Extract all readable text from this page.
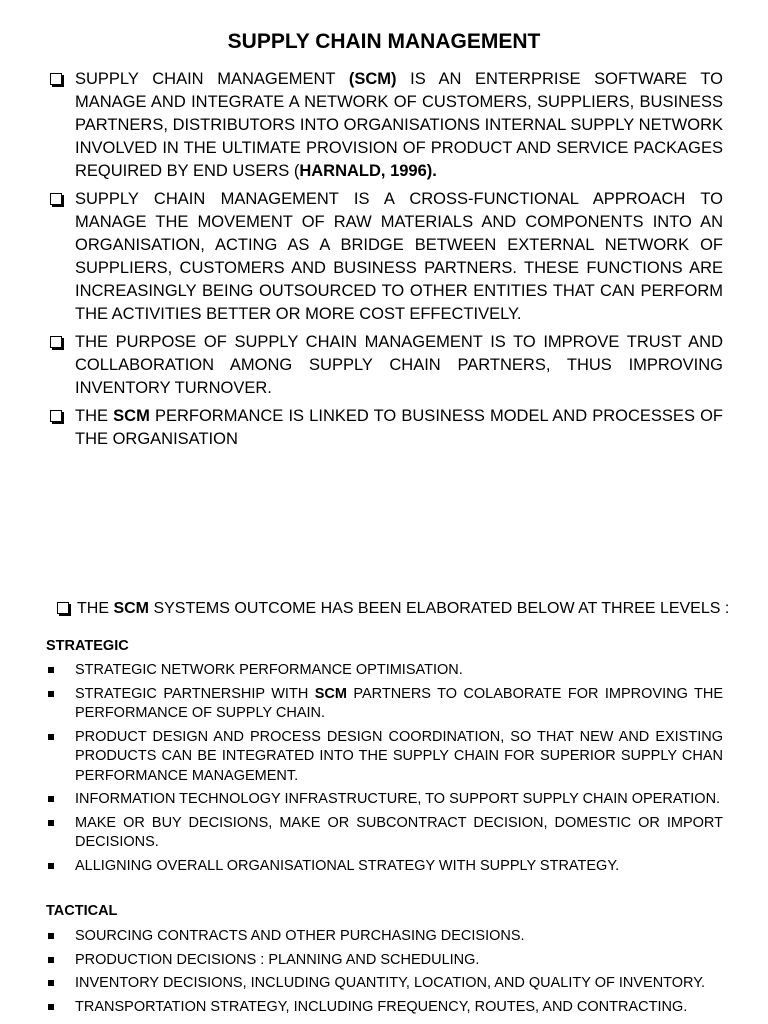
SUPPLY CHAIN MANAGEMENT

SUPPLY CHAIN MANAGEMENT (SCM) IS AN ENTERPRISE SOFTWARE TO MANAGE AND INTEGRATE A NETWORK OF CUSTOMERS, SUPPLIERS, BUSINESS PARTNERS, DISTRIBUTORS INTO ORGANISATIONS INTERNAL SUPPLY NETWORK INVOLVED IN THE ULTIMATE PROVISION OF PRODUCT AND SERVICE PACKAGES REQUIRED BY END USERS (HARNALD, 1996).

SUPPLY CHAIN MANAGEMENT IS A CROSS-FUNCTIONAL APPROACH TO MANAGE THE MOVEMENT OF RAW MATERIALS AND COMPONENTS INTO AN ORGANISATION, ACTING AS A BRIDGE BETWEEN EXTERNAL NETWORK OF SUPPLIERS, CUSTOMERS AND BUSINESS PARTNERS. THESE FUNCTIONS ARE INCREASINGLY BEING OUTSOURCED TO OTHER ENTITIES THAT CAN PERFORM THE ACTIVITIES BETTER OR MORE COST EFFECTIVELY.

THE PURPOSE OF SUPPLY CHAIN MANAGEMENT IS TO IMPROVE TRUST AND COLLABORATION AMONG SUPPLY CHAIN PARTNERS, THUS IMPROVING INVENTORY TURNOVER.

THE SCM PERFORMANCE IS LINKED TO BUSINESS MODEL AND PROCESSES OF THE ORGANISATION

THE SCM SYSTEMS OUTCOME HAS BEEN ELABORATED BELOW AT THREE LEVELS :
STRATEGIC

STRATEGIC NETWORK PERFORMANCE OPTIMISATION.

STRATEGIC PARTNERSHIP WITH SCM PARTNERS TO COLABORATE FOR IMPROVING THE PERFORMANCE OF SUPPLY CHAIN.

PRODUCT DESIGN AND PROCESS DESIGN COORDINATION, SO THAT NEW AND EXISTING PRODUCTS CAN BE INTEGRATED INTO THE SUPPLY CHAIN FOR SUPERIOR SUPPLY CHAN PERFORMANCE MANAGEMENT.

INFORMATION TECHNOLOGY INFRASTRUCTURE, TO SUPPORT SUPPLY CHAIN OPERATION.

MAKE OR BUY DECISIONS, MAKE OR SUBCONTRACT DECISION, DOMESTIC OR IMPORT DECISIONS.

ALLIGNING OVERALL ORGANISATIONAL STRATEGY WITH SUPPLY STRATEGY.

TACTICAL

SOURCING CONTRACTS AND OTHER PURCHASING DECISIONS.

PRODUCTION DECISIONS : PLANNING AND SCHEDULING.

INVENTORY DECISIONS, INCLUDING QUANTITY, LOCATION, AND QUALITY OF INVENTORY.

TRANSPORTATION STRATEGY, INCLUDING FREQUENCY, ROUTES, AND CONTRACTING.
